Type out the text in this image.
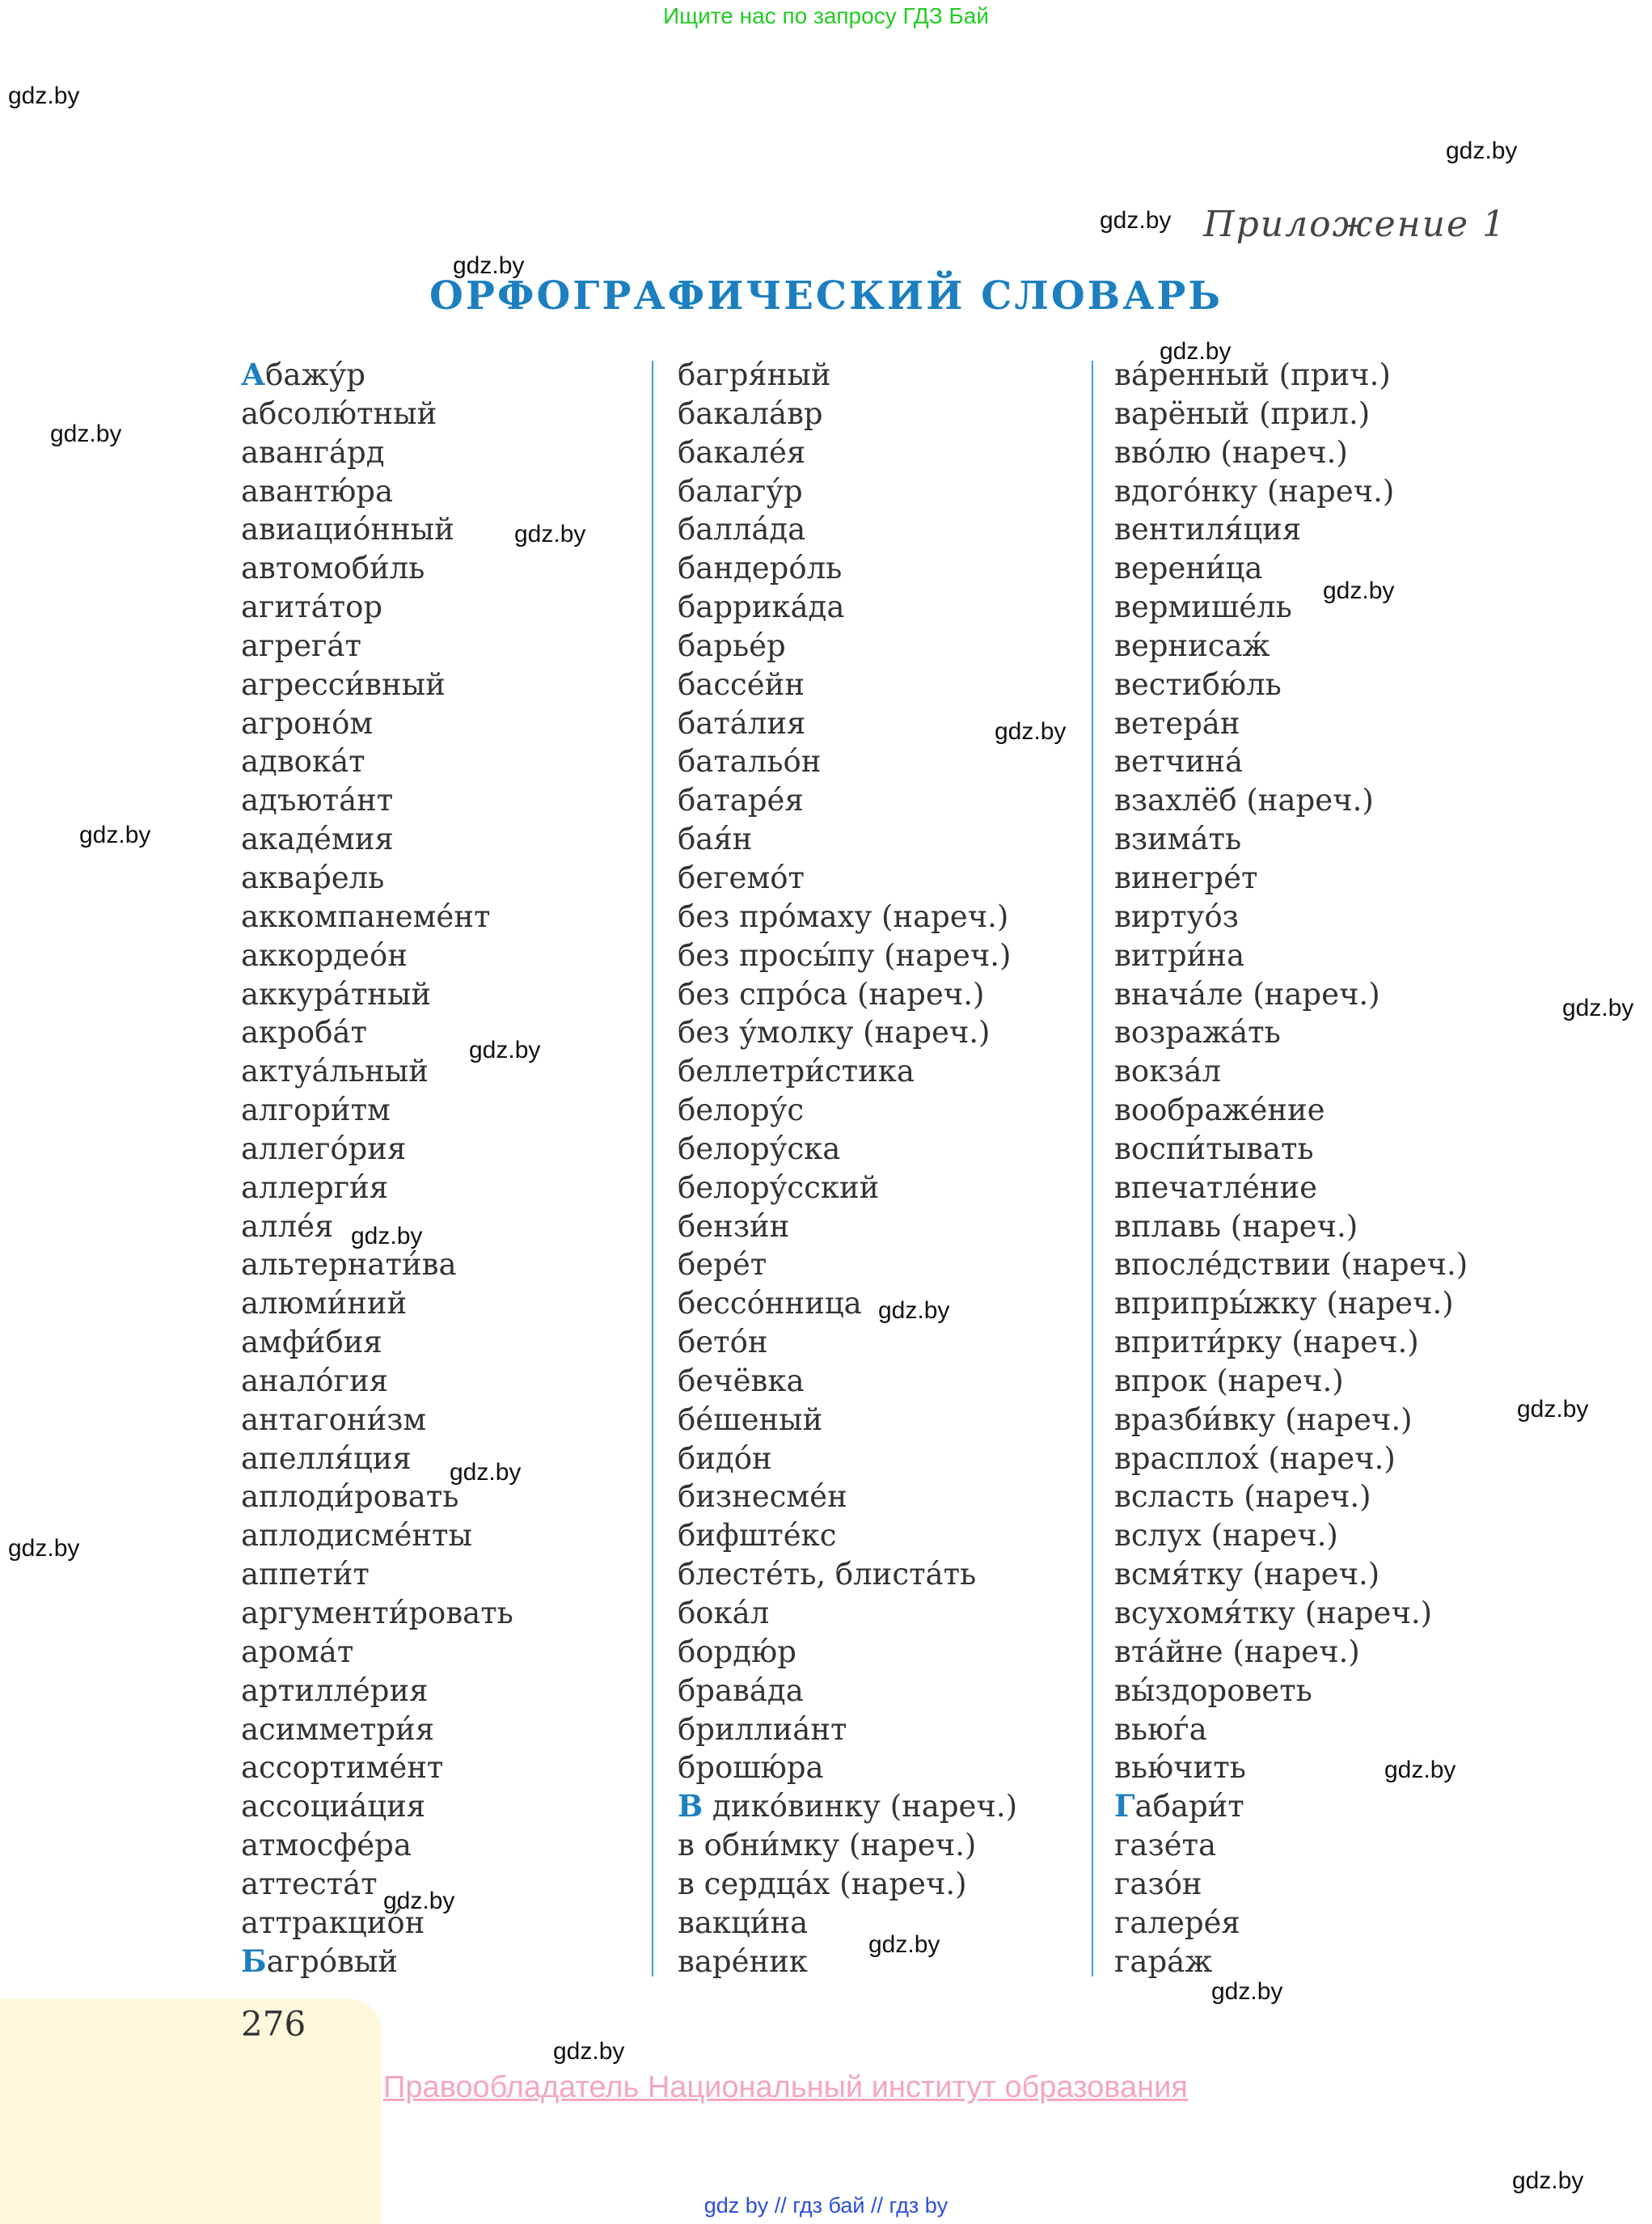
Ищите нас по запросу ГДЗ Бай
gdz.by
gdz.by
gdz.by
gdz.by
gdz.by
gdz.by
gdz.by
gdz.by
gdz.by
gdz.by
gdz.by
gdz.by
gdz.by
gdz.by
gdz.by
gdz.by
gdz.by
gdz.by
gdz.by
gdz.by
gdz.by
gdz.by
gdz.by
Приложение 1
ОРФОГРАФИЧЕСКИЙ СЛОВАРЬ
Абажу́р
абсолю́тный
аванга́рд
авантю́ра
авиацио́нный
автомоби́ль
агита́тор
агрега́т
агресси́вный
агроно́м
адвока́т
адъюта́нт
акаде́мия
аквар́ель
аккомпанеме́нт
аккордео́н
аккура́тный
акроба́т
актуа́льный
алгори́тм
аллего́рия
аллерги́я
алле́я
альтернати́ва
алюми́ний
амфи́бия
анало́гия
антагони́зм
апелля́ция
аплоди́ровать
аплодисме́нты
аппети́т
аргументи́ровать
арома́т
артилле́рия
асимметри́я
ассортиме́нт
ассоциа́ция
атмосфе́ра
аттеста́т
аттракцио́н
Багро́вый
багря́ный
бакала́вр
бакале́я
балагу́р
балла́да
бандеро́ль
баррика́да
барье́р
бассе́йн
бата́лия
батальо́н
батаре́я
бая́н
бегемо́т
без про́маху (нареч.)
без просы́пу (нареч.)
без спро́са (нареч.)
без у́молку (нареч.)
беллетри́стика
белору́с
белору́ска
белору́сский
бензи́н
бере́т
бессо́нница
бето́н
бечёвка
бе́шеный
бидо́н
бизнесме́н
бифште́кс
блесте́ть, блиста́ть
бока́л
бордю́р
брава́да
бриллиа́нт
брошю́ра
В дико́винку (нареч.)
в обни́мку (нареч.)
в сердца́х (нареч.)
вакци́на
варе́ник
ва́ренный (прич.)
варёный (прил.)
вво́лю (нареч.)
вдого́нку (нареч.)
вентиля́ция
верени́ца
вермише́ль
вернисаж́
вестибю́ль
ветера́н
ветчина́
взахлёб (нареч.)
взима́ть
винегре́т
виртуо́з
витри́на
внача́ле (нареч.)
возража́ть
вокза́л
воображе́ние
воспи́тывать
впечатле́ние
вплавь (нареч.)
впосле́дствии (нареч.)
вприпры́жку (нареч.)
вприти́рку (нареч.)
впрок (нареч.)
вразби́вку (нареч.)
врасплох́ (нареч.)
всласть (нареч.)
вслух (нареч.)
всмя́тку (нареч.)
всухомя́тку (нареч.)
вта́йне (нареч.)
вы́здороветь
вьюѓа
вью́чить
Габари́т
газе́та
газо́н
галере́я
гара́ж
276
Правообладатель Национальный институт образования
gdz by // гдз бай // гдз by
